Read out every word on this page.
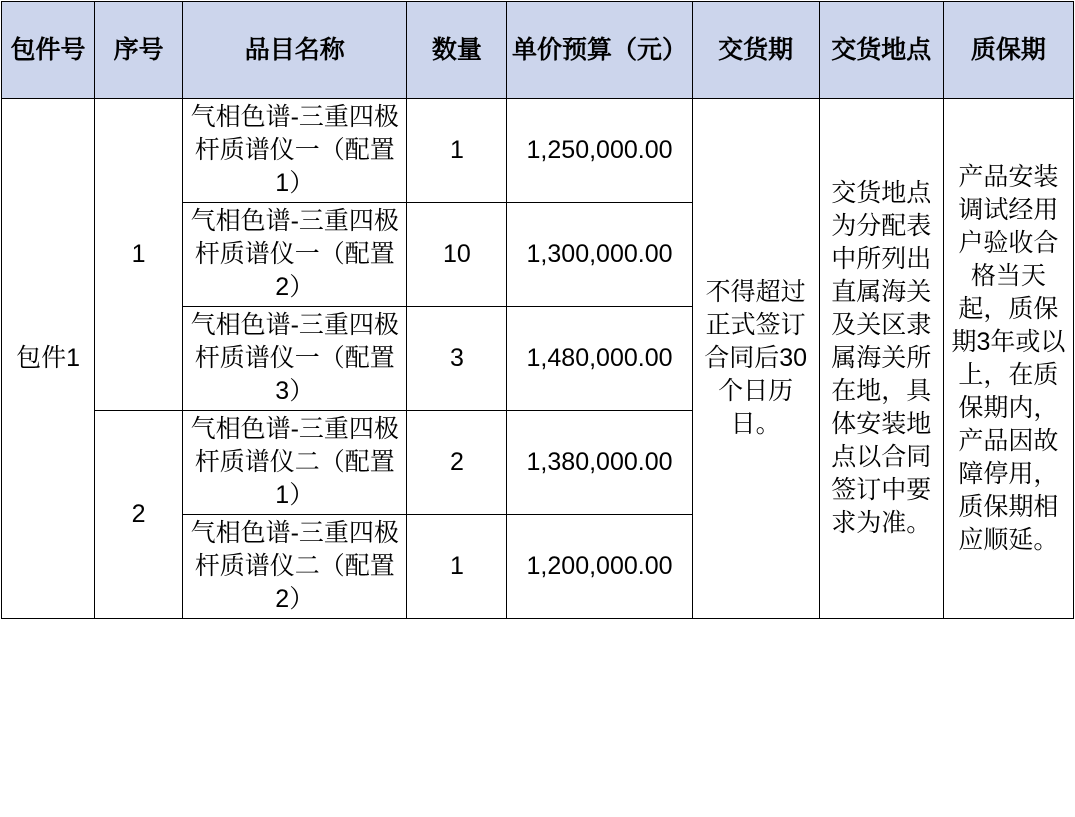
包件号	序号	品目名称	数量	单价预算（元）	交货期	交货地点	质保期
包件1	1	气相色谱-三重四极杆质谱仪一（配置1）	1	1,250,000.00	不得超过正式签订合同后30个日历日。	交货地点为分配表中所列出直属海关及关区隶属海关所在地，具体安装地点以合同签订中要求为准。	产品安装调试经用户验收合格当天起，质保期3年或以上，在质保期内，产品因故障停用，质保期相应顺延。
		气相色谱-三重四极杆质谱仪一（配置2）	10	1,300,000.00			
		气相色谱-三重四极杆质谱仪一（配置3）	3	1,480,000.00			
	2	气相色谱-三重四极杆质谱仪二（配置1）	2	1,380,000.00			
		气相色谱-三重四极杆质谱仪二（配置2）	1	1,200,000.00			
